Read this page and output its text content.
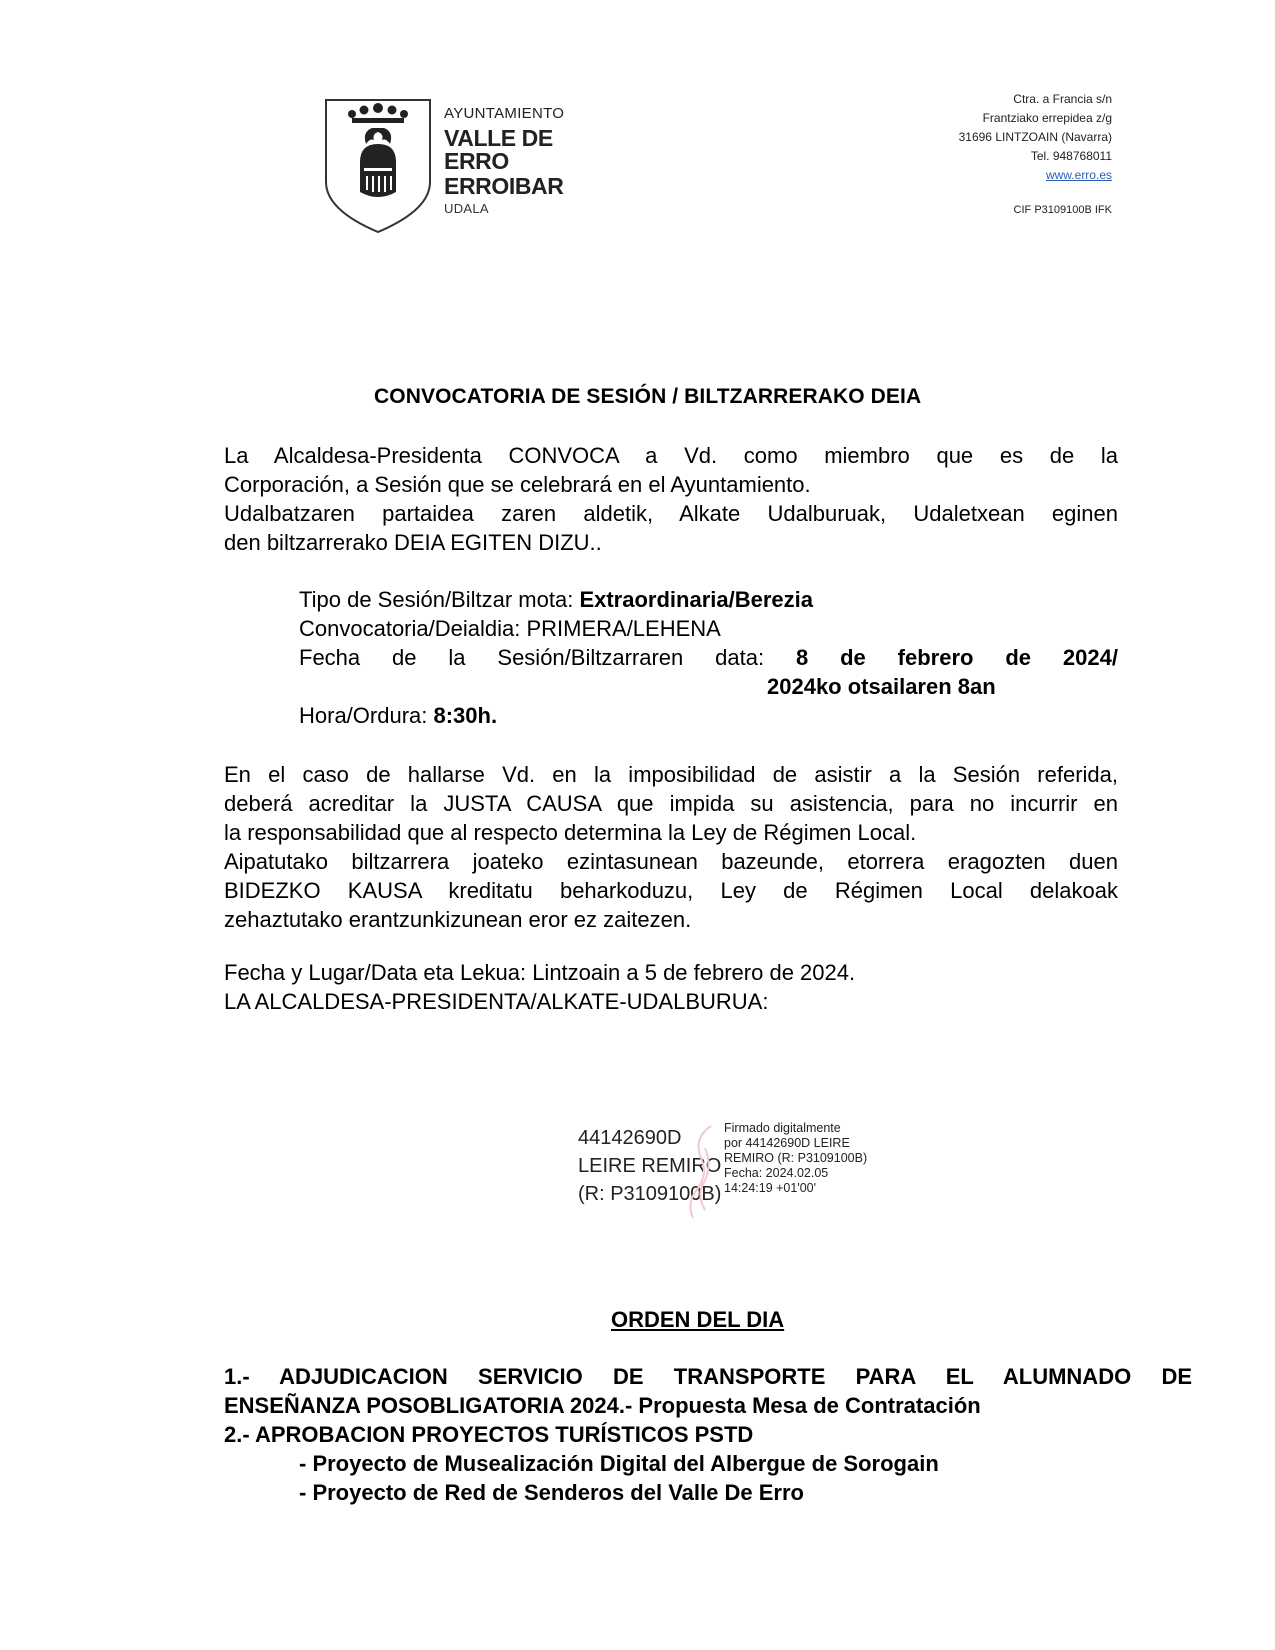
AYUNTAMIENTO
VALLE DE ERRO
ERROIBAR
UDALA
Ctra. a Francia s/n
Frantziako errepidea z/g
31696 LINTZOAIN (Navarra)
Tel. 948768011
www.erro.es
CIF P3109100B IFK
CONVOCATORIA DE SESIÓN / BILTZARRERAKO DEIA

La Alcaldesa-Presidenta CONVOCA a Vd. como miembro que es de la

Corporación, a Sesión que se celebrará en el Ayuntamiento.

Udalbatzaren partaidea zaren aldetik, Alkate Udalburuak, Udaletxean eginen

den biltzarrerako DEIA EGITEN DIZU..

Tipo de Sesión/Biltzar mota: Extraordinaria/Berezia
Convocatoria/Deialdia: PRIMERA/LEHENA
Fecha de la Sesión/Biltzarraren data: 8 de febrero de 2024/
2024ko otsailaren 8an
Hora/Ordura: 8:30h.

En el caso de hallarse Vd. en la imposibilidad de asistir a la Sesión referida,

deberá acreditar la JUSTA CAUSA que impida su asistencia, para no incurrir en

la responsabilidad que al respecto determina la Ley de Régimen Local.

Aipatutako biltzarrera joateko ezintasunean bazeunde, etorrera eragozten duen

BIDEZKO KAUSA kreditatu beharkoduzu, Ley de Régimen Local delakoak

zehaztutako erantzunkizunean eror ez zaitezen.

Fecha y Lugar/Data eta Lekua: Lintzoain a 5 de febrero de 2024.

LA ALCALDESA-PRESIDENTA/ALKATE-UDALBURUA:

44142690D
LEIRE REMIRO
(R: P3109100B)
Firmado digitalmente
por 44142690D LEIRE
REMIRO (R: P3109100B)
Fecha: 2024.02.05
14:24:19 +01'00'
ORDEN DEL DIA

1.- ADJUDICACION SERVICIO DE TRANSPORTE PARA EL ALUMNADO DE

ENSEÑANZA POSOBLIGATORIA 2024.- Propuesta Mesa de Contratación

2.- APROBACION PROYECTOS TURÍSTICOS PSTD

- Proyecto de Musealización Digital del Albergue de Sorogain

- Proyecto de Red de Senderos del Valle De Erro
